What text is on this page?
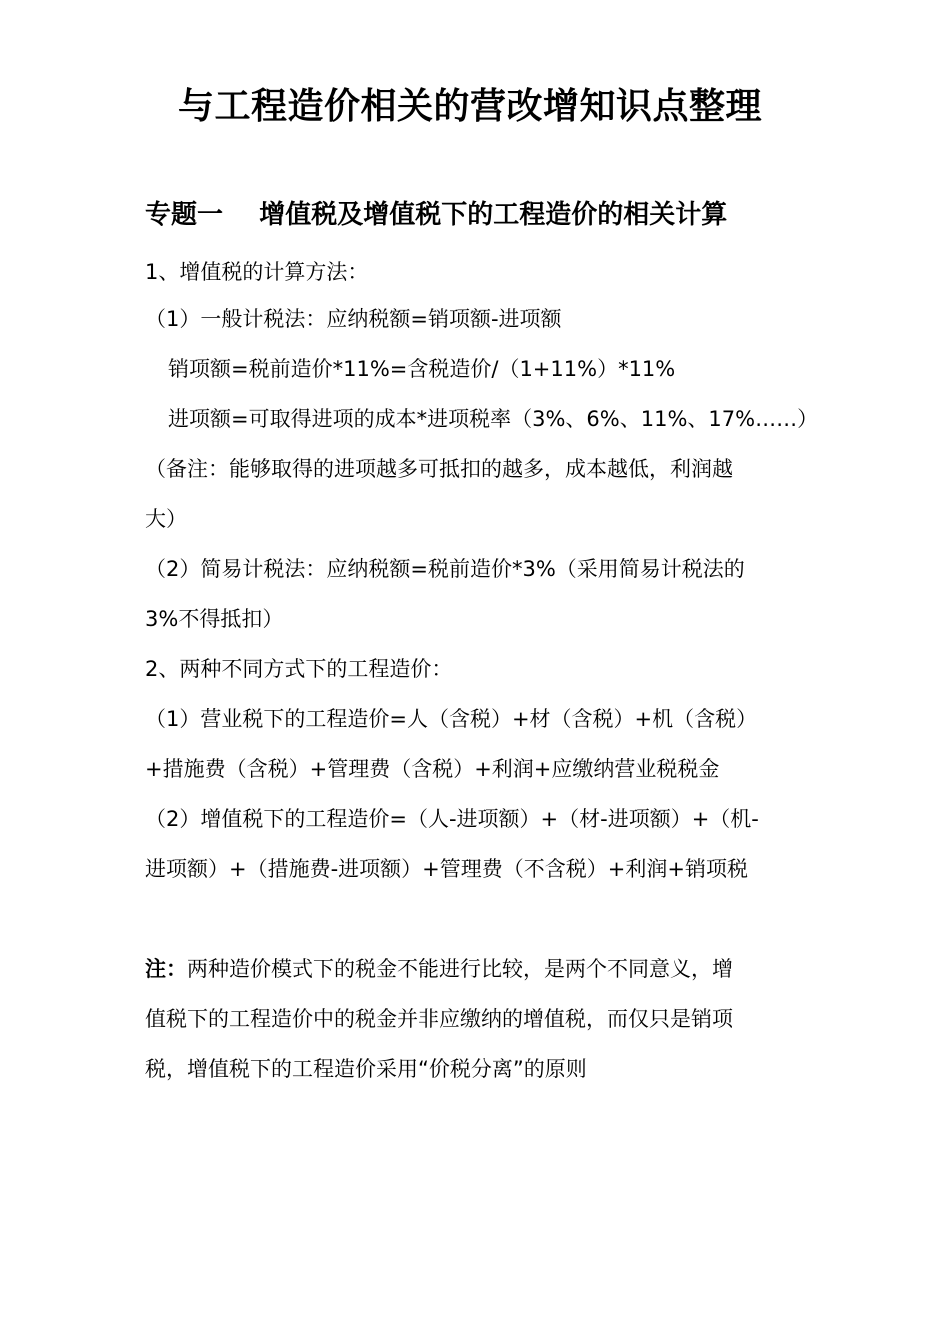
与工程造价相关的营改增知识点整理
专题一    增值税及增值税下的工程造价的相关计算
1、增值税的计算方法：
（1）一般计税法：应纳税额=销项额-进项额
销项额=税前造价*11%=含税造价/（1+11%）*11%
进项额=可取得进项的成本*进项税率（3%、6%、11%、17%……）
（备注：能够取得的进项越多可抵扣的越多，成本越低，利润越
大）
（2）简易计税法：应纳税额=税前造价*3%（采用简易计税法的
3%不得抵扣）
2、两种不同方式下的工程造价：
（1）营业税下的工程造价=人（含税）+材（含税）+机（含税）
+措施费（含税）+管理费（含税）+利润+应缴纳营业税税金
（2）增值税下的工程造价=（人-进项额）+（材-进项额）+（机-
进项额）+（措施费-进项额）+管理费（不含税）+利润+销项税
注：两种造价模式下的税金不能进行比较，是两个不同意义，增
值税下的工程造价中的税金并非应缴纳的增值税，而仅只是销项
税，增值税下的工程造价采用“价税分离”的原则
